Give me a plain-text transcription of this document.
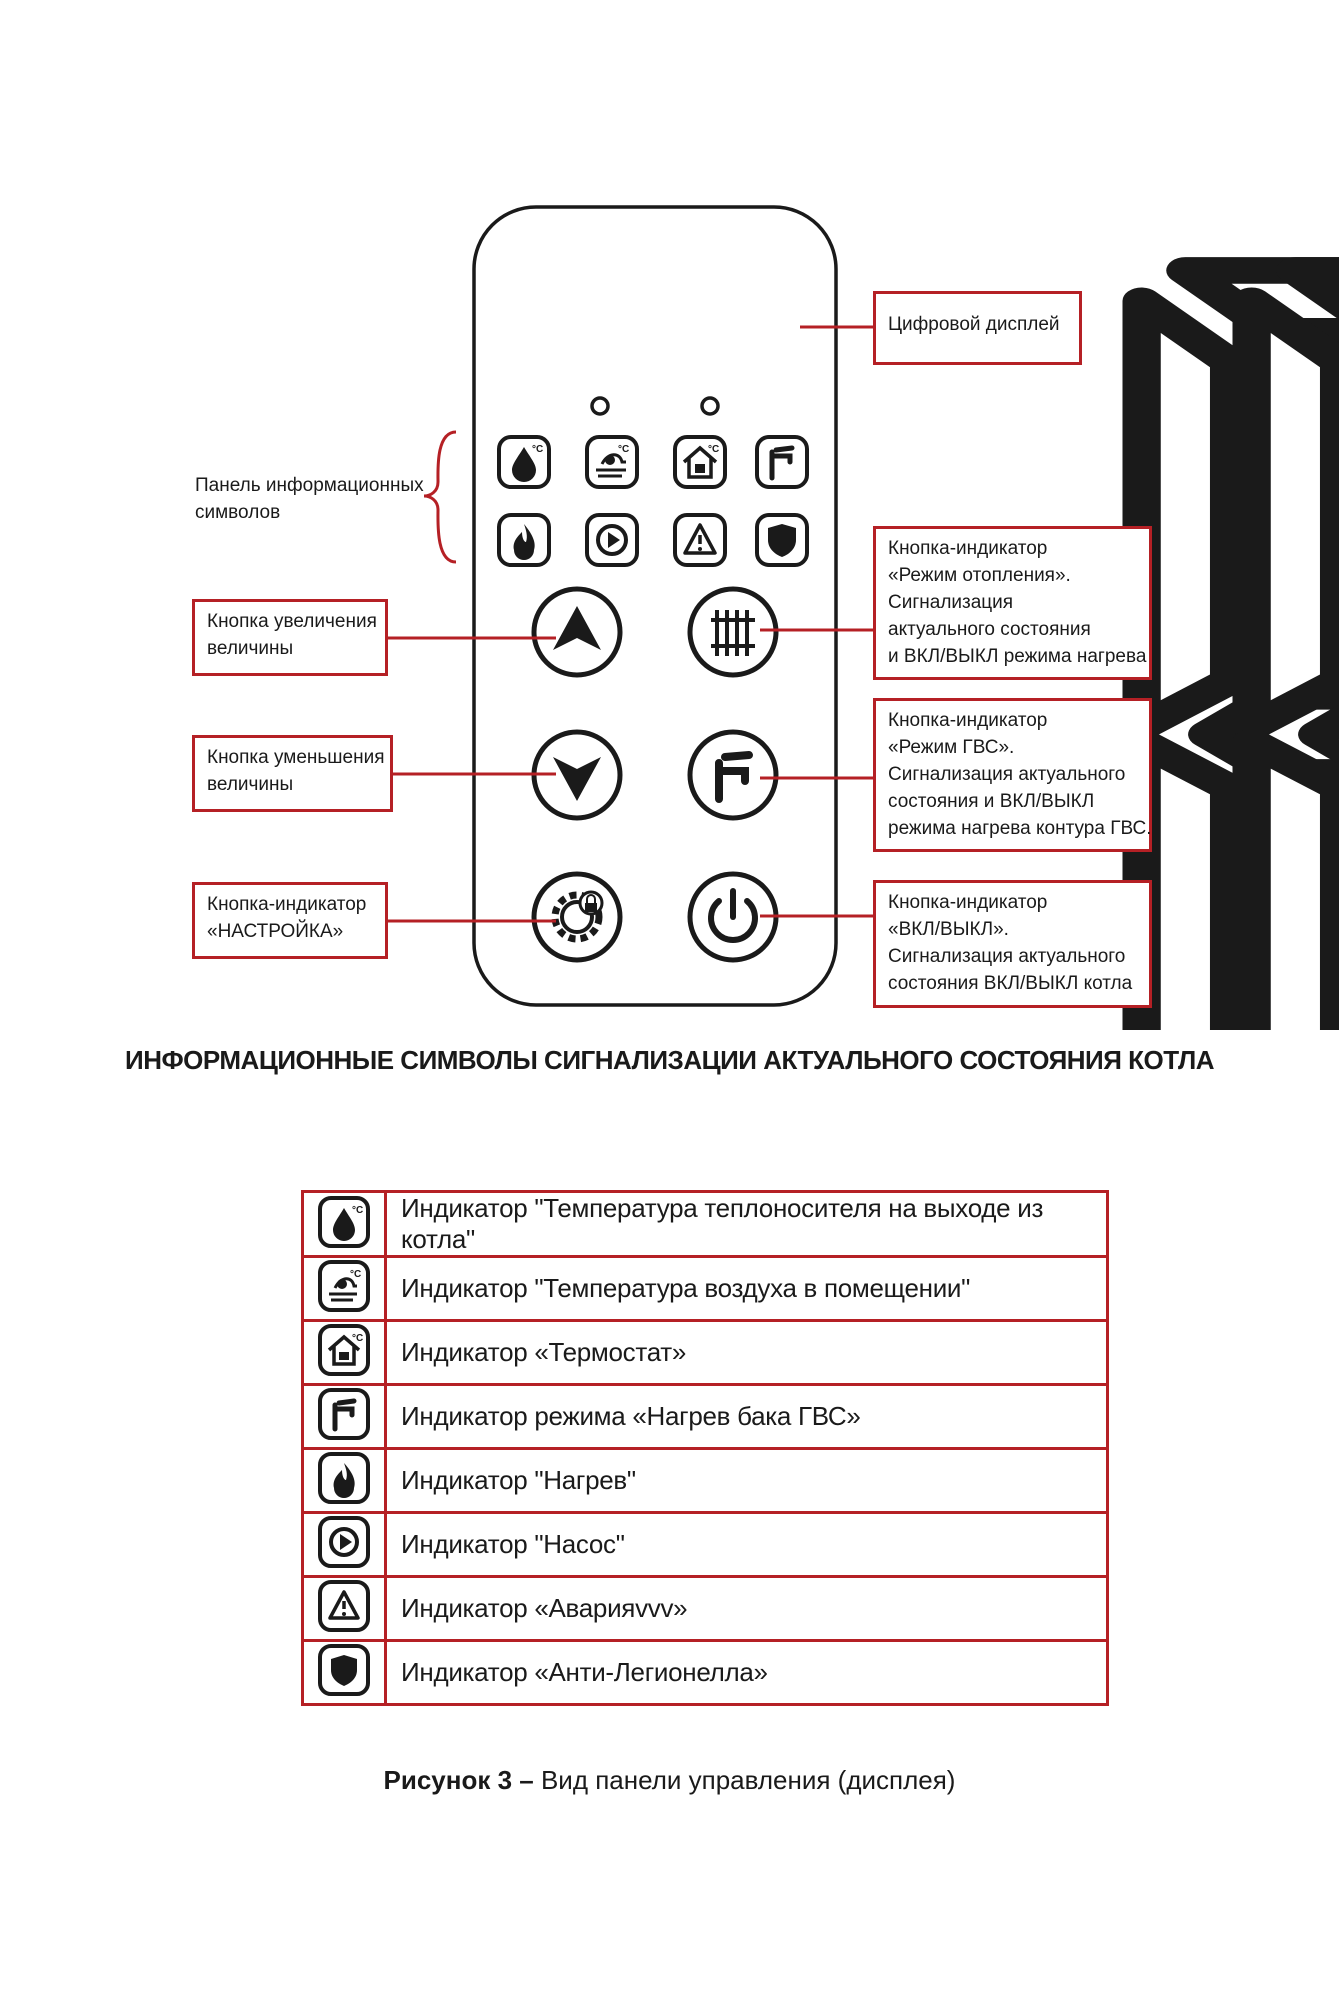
°C	°C	°C
Цифровой дисплей
Кнопка увеличения
величины
Кнопка уменьшения
величины
Кнопка-индикатор
«НАСТРОЙКА»
Кнопка-индикатор
«Режим отопления».
Сигнализация
актуального состояния
и ВКЛ/ВЫКЛ режима нагрева
Кнопка-индикатор
«Режим ГВС».
Сигнализация актуального
состояния и ВКЛ/ВЫКЛ
режима нагрева контура ГВС.
Кнопка-индикатор
«ВКЛ/ВЫКЛ».
Сигнализация актуального
состояния ВКЛ/ВЫКЛ котла
Панель информационных
символов
ИНФОРМАЦИОННЫЕ СИМВОЛЫ СИГНАЛИЗАЦИИ АКТУАЛЬНОГО СОСТОЯНИЯ КОТЛА
°C	Индикатор "Температура теплоносителя на выходе из котла"

°C	Индикатор "Температура воздуха в помещении"

°C	Индикатор «Термостат»
	Индикатор режима «Нагрев бака ГВС»
	Индикатор "Нагрев"
	Индикатор "Насос"
	Индикатор «Аварияvvv»
	Индикатор «Анти-Легионелла»
Рисунок 3 – Вид панели управления (дисплея)
